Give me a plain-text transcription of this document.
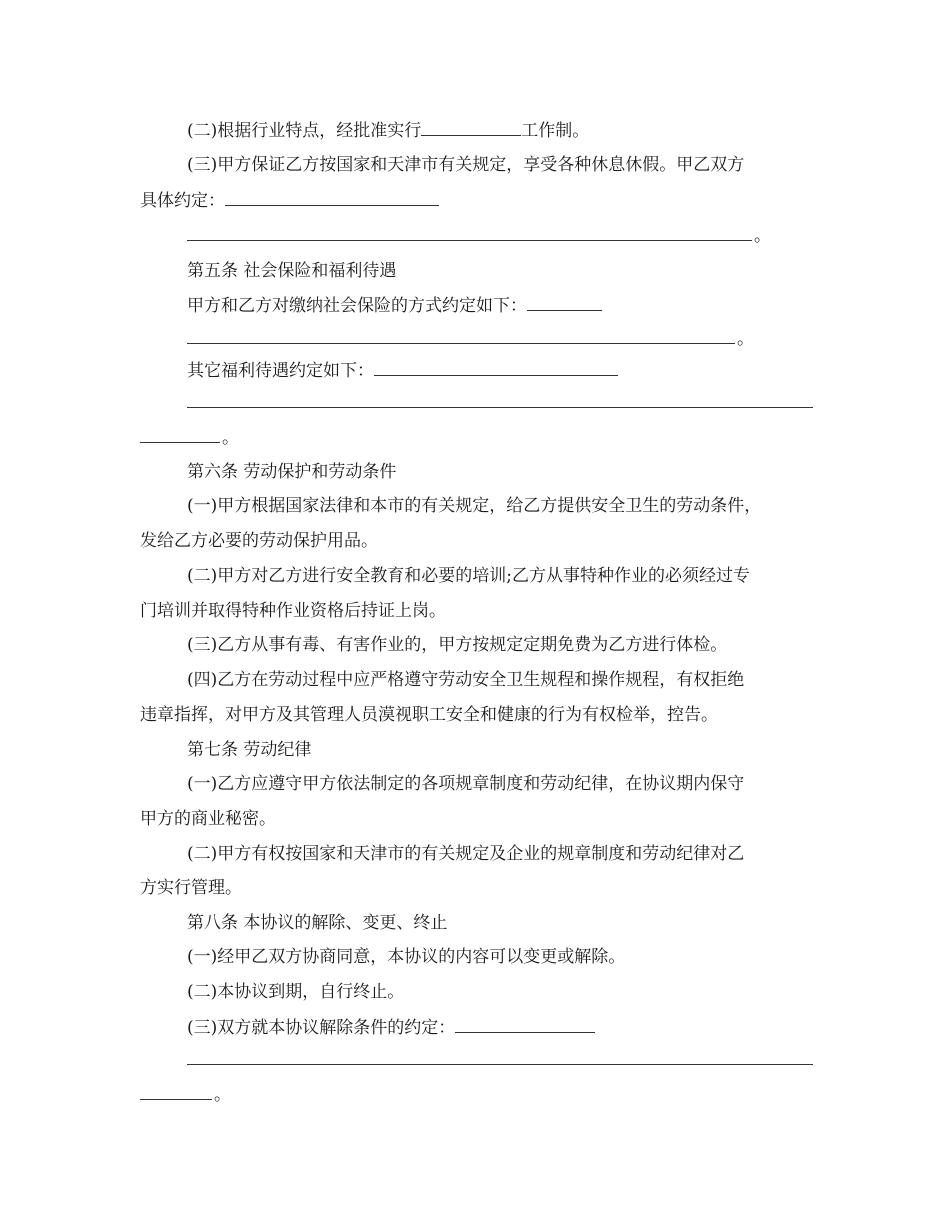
(二)根据行业特点，经批准实行	工作制。
(三)甲方保证乙方按国家和天津市有关规定，享受各种休息休假。甲乙双方
具体约定：
。
第五条 社会保险和福利待遇
甲方和乙方对缴纳社会保险的方式约定如下：
。
其它福利待遇约定如下：
。
第六条 劳动保护和劳动条件
(一)甲方根据国家法律和本市的有关规定，给乙方提供安全卫生的劳动条件，
发给乙方必要的劳动保护用品。
(二)甲方对乙方进行安全教育和必要的培训;乙方从事特种作业的必须经过专
门培训并取得特种作业资格后持证上岗。
(三)乙方从事有毒、有害作业的，甲方按规定定期免费为乙方进行体检。
(四)乙方在劳动过程中应严格遵守劳动安全卫生规程和操作规程，有权拒绝
违章指挥，对甲方及其管理人员漠视职工安全和健康的行为有权检举，控告。
第七条 劳动纪律
(一)乙方应遵守甲方依法制定的各项规章制度和劳动纪律，在协议期内保守
甲方的商业秘密。
(二)甲方有权按国家和天津市的有关规定及企业的规章制度和劳动纪律对乙
方实行管理。
第八条 本协议的解除、变更、终止
(一)经甲乙双方协商同意，本协议的内容可以变更或解除。
(二)本协议到期，自行终止。
(三)双方就本协议解除条件的约定：
。
